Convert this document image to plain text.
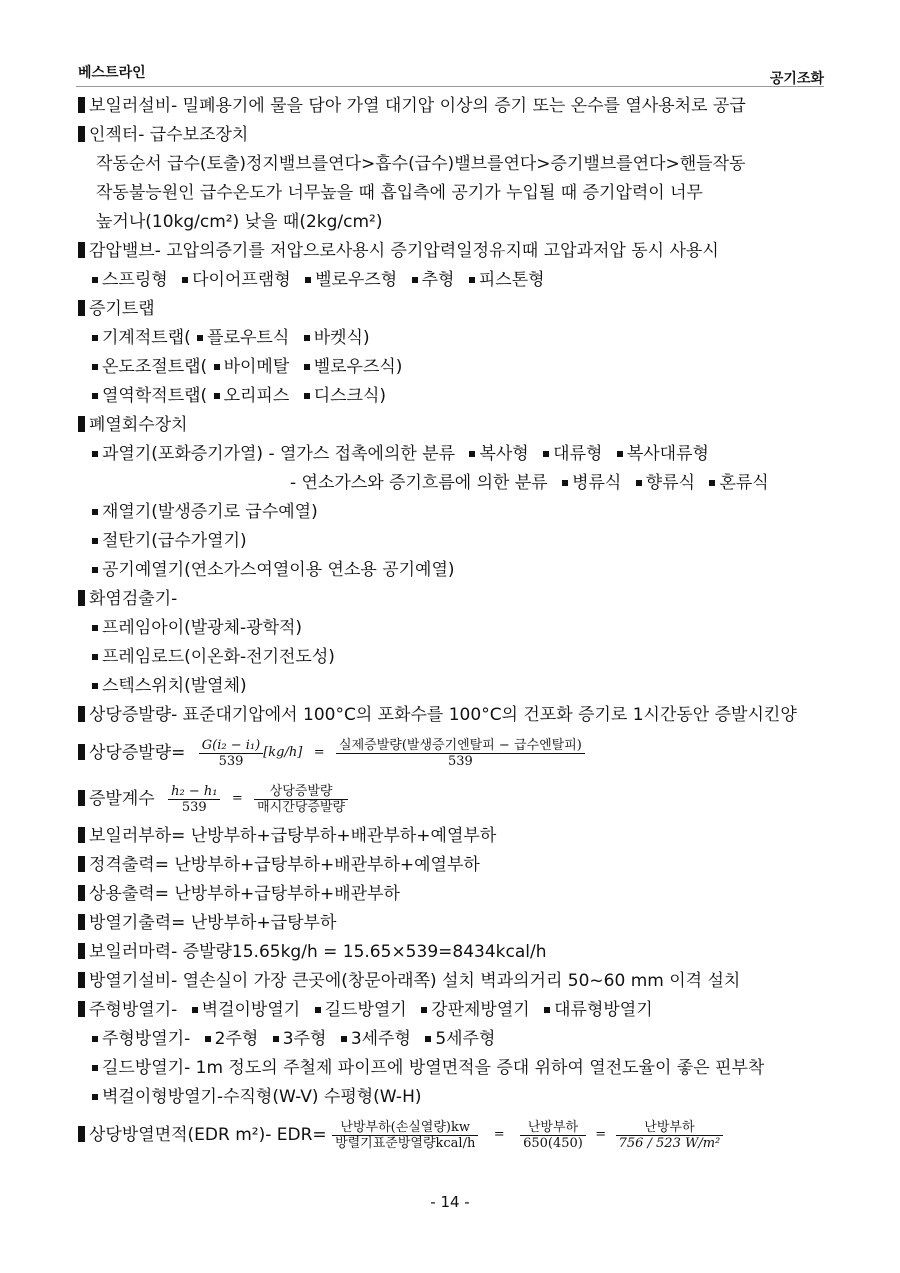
베스트라인	공기조화
보일러설비- 밀폐용기에 물을 담아 가열 대기압 이상의 증기 또는 온수를 열사용처로 공급
인젝터- 급수보조장치
작동순서 급수(토출)정지밸브를연다>흡수(급수)밸브를연다>증기밸브를연다>핸들작동
작동불능원인 급수온도가 너무높을 때 흡입측에 공기가 누입될 때 증기압력이 너무
높거나(10kg/cm²) 낮을 때(2kg/cm²)
감압밸브- 고압의증기를 저압으로사용시 증기압력일정유지때 고압과저압 동시 사용시
스프링형 다이어프램형 벨로우즈형 추형 피스톤형
증기트랩
기계적트랩( 플로우트식 바켓식)
온도조절트랩( 바이메탈 벨로우즈식)
열역학적트랩( 오리피스 디스크식)
폐열회수장치
과열기(포화증기가열) - 열가스 접촉에의한 분류 복사형 대류형 복사대류형
- 연소가스와 증기흐름에 의한 분류 병류식 향류식 혼류식
재열기(발생증기로 급수예열)
절탄기(급수가열기)
공기예열기(연소가스여열이용 연소용 공기예열)
화염검출기-
프레임아이(발광체-광학적)
프레임로드(이온화-전기전도성)
스텍스위치(발열체)
상당증발량- 표준대기압에서 100°C의 포화수를 100°C의 건포화 증기로 1시간동안 증발시킨양
상당증발량= $\frac{\text{G(i₂ − i₁)}}{539} [kg/h] = \frac{\text{실제증발량(발생증기엔탈피 − 급수엔탈피)}}{539}$
증발계수 $\frac{\text{h₂ − h₁}}{539} = \frac{\text{상당증발량}}{\text{매시간당증발량}}$
보일러부하= 난방부하+급탕부하+배관부하+예열부하
정격출력= 난방부하+급탕부하+배관부하+예열부하
상용출력= 난방부하+급탕부하+배관부하
방열기출력= 난방부하+급탕부하
보일러마력- 증발량15.65kg/h = 15.65×539=8434kcal/h
방열기설비- 열손실이 가장 큰곳에(창문아래쪽) 설치 벽과의거리 50~60 mm 이격 설치
주형방열기- 벽걸이방열기 길드방열기 강판제방열기 대류형방열기
주형방열기- 2주형 3주형 3세주형 5세주형
길드방열기- 1m 정도의 주철제 파이프에 방열면적을 증대 위하여 열전도율이 좋은 핀부착
벽걸이형방열기-수직형(W-V) 수평형(W-H)
상당방열면적(EDR m²)- $EDR= \frac{\text{난방부하(손실열량)kw}}{\text{방렬기표준방열량kcal/h}} = \frac{\text{난방부하}}{650(450)} = \frac{\text{난방부하}}{\text{756 / 523 W/m²}}$
- 14 -
